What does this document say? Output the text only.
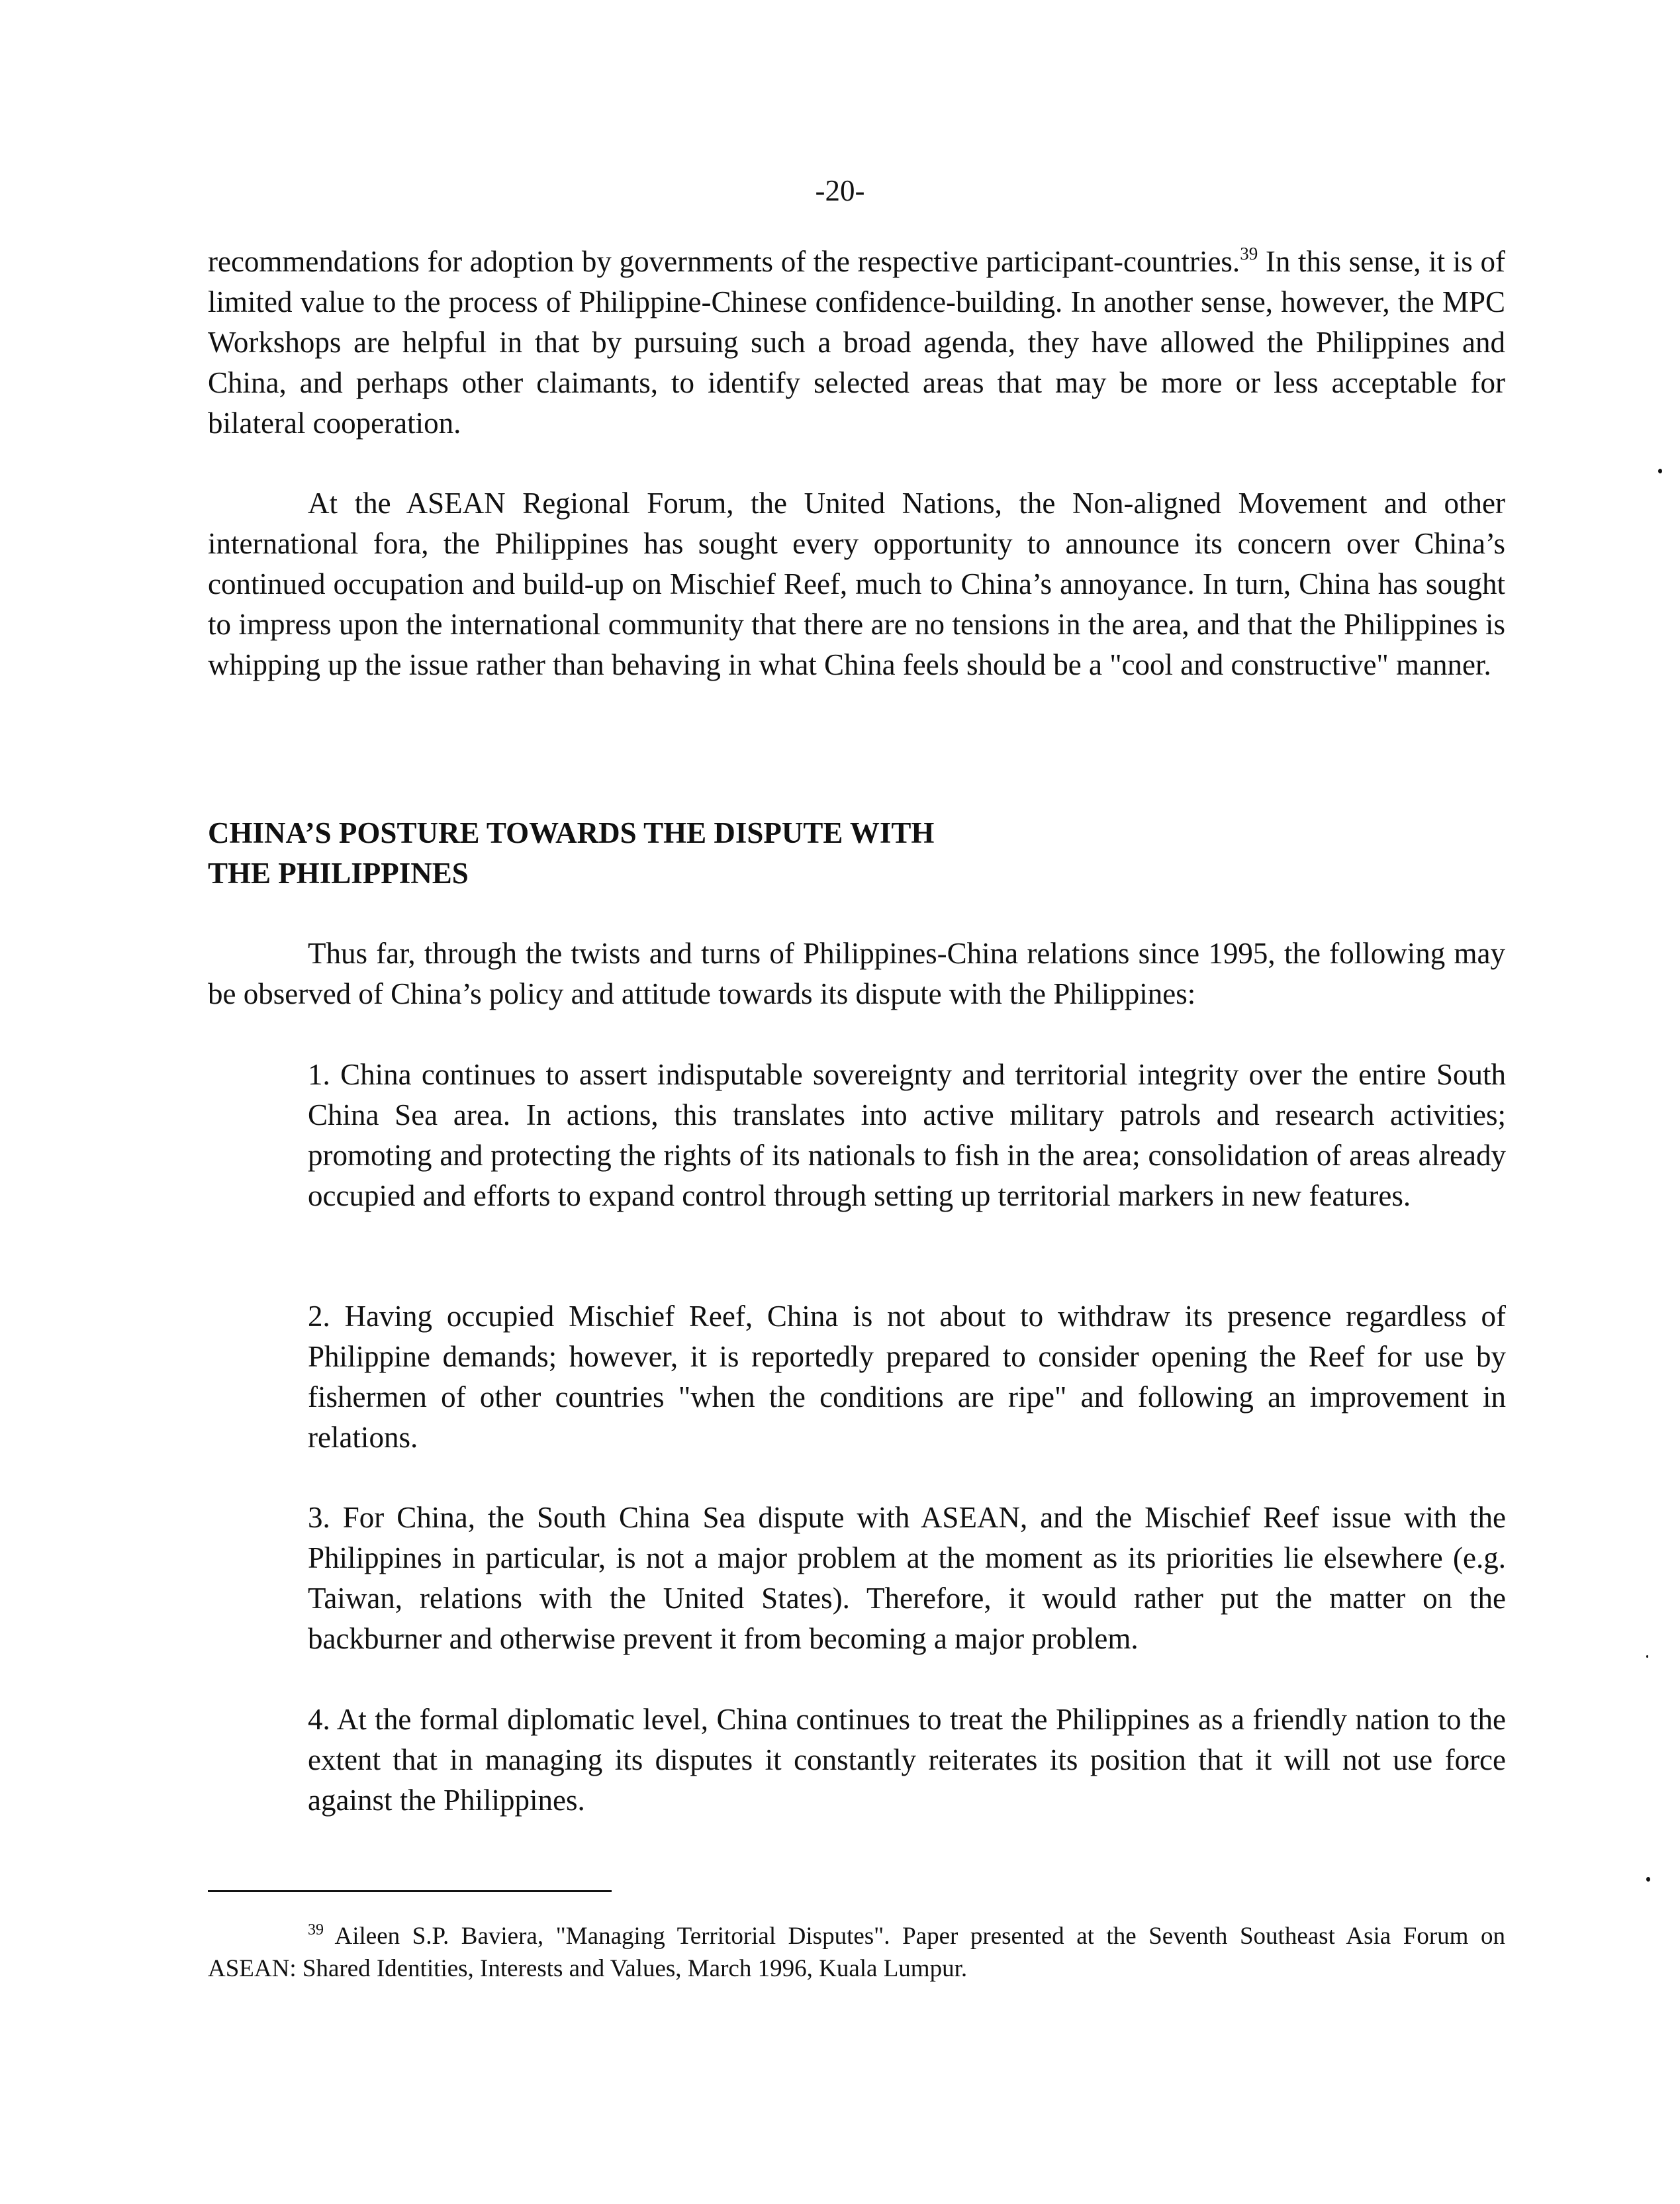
-20-
recommendations for adoption by governments of the respective participant-countries.$^{39}$ In this sense, it is of limited value to the process of Philippine-Chinese confidence-building. In another sense, however, the MPC Workshops are helpful in that by pursuing such a broad agenda, they have allowed the Philippines and China, and perhaps other claimants, to identify selected areas that may be more or less acceptable for bilateral cooperation.
At the ASEAN Regional Forum, the United Nations, the Non-aligned Movement and other international fora, the Philippines has sought every opportunity to announce its concern over China’s continued occupation and build-up on Mischief Reef, much to China’s annoyance. In turn, China has sought to impress upon the international community that there are no tensions in the area, and that the Philippines is whipping up the issue rather than behaving in what China feels should be a "cool and constructive" manner.
CHINA’S POSTURE TOWARDS THE DISPUTE WITH
THE PHILIPPINES
Thus far, through the twists and turns of Philippines-China relations since 1995, the following may be observed of China’s policy and attitude towards its dispute with the Philippines:
1. China continues to assert indisputable sovereignty and territorial integrity over the entire South China Sea area. In actions, this translates into active military patrols and research activities; promoting and protecting the rights of its nationals to fish in the area; consolidation of areas already occupied and efforts to expand control through setting up territorial markers in new features.
2. Having occupied Mischief Reef, China is not about to withdraw its presence regardless of Philippine demands; however, it is reportedly prepared to consider opening the Reef for use by fishermen of other countries "when the conditions are ripe" and following an improvement in relations.
3. For China, the South China Sea dispute with ASEAN, and the Mischief Reef issue with the Philippines in particular, is not a major problem at the moment as its priorities lie elsewhere (e.g. Taiwan, relations with the United States). Therefore, it would rather put the matter on the backburner and otherwise prevent it from becoming a major problem.
4. At the formal diplomatic level, China continues to treat the Philippines as a friendly nation to the extent that in managing its disputes it constantly reiterates its position that it will not use force against the Philippines.
$^{39}$ Aileen S.P. Baviera, "Managing Territorial Disputes". Paper presented at the Seventh Southeast Asia Forum on ASEAN: Shared Identities, Interests and Values, March 1996, Kuala Lumpur.
